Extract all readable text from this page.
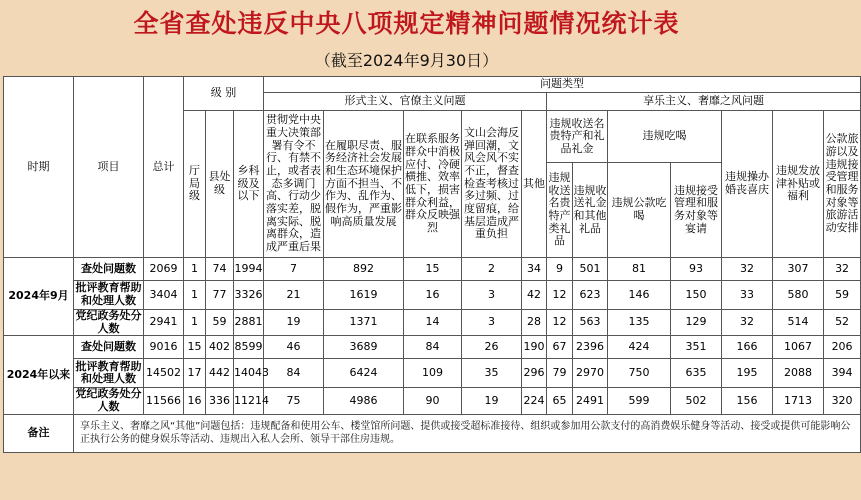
全省查处违反中央八项规定精神问题情况统计表
（截至2024年9月30日）
时期	项目	总计	级 别			问题类型												
						形式主义、官僚主义问题					享乐主义、奢靡之风问题							
			厅局级	县处级	乡科级及以下	贯彻党中央重大决策部署有令不行、有禁不止，或者表态多调门高、行动少落实差，脱离实际、脱离群众，造成严重后果	在履职尽责、服务经济社会发展和生态环境保护方面不担当、不作为、乱作为、假作为，严重影响高质量发展	在联系服务群众中消极应付、冷硬横推、效率低下，损害群众利益，群众反映强烈	文山会海反弹回潮，文风会风不实不正，督查检查考核过多过频、过度留痕，给基层造成严重负担	其他	违规收送名贵特产和礼品礼金		违规吃喝		违规操办婚丧喜庆	违规发放津补贴或福利	公款旅游以及违规接受管理和服务对象等旅游活动安排	
											违规收送名贵特产类礼品	违规收送礼金和其他礼品	违规公款吃喝	违规接受管理和服务对象等宴请				
2024年9月	查处问题数	2069	1	74	1994	7	892	15	2	34	9	501	81	93	32	307	32	
	批评教育帮助和处理人数	3404	1	77	3326	21	1619	16	3	42	12	623	146	150	33	580	59	
	党纪政务处分人数	2941	1	59	2881	19	1371	14	3	28	12	563	135	129	32	514	52	
2024年以来	查处问题数	9016	15	402	8599	46	3689	84	26	190	67	2396	424	351	166	1067	206	
	批评教育帮助和处理人数	14502	17	442	14043	84	6424	109	35	296	79	2970	750	635	195	2088	394	
	党纪政务处分人数	11566	16	336	11214	75	4986	90	19	224	65	2491	599	502	156	1713	320	
备注	享乐主义、奢靡之风“其他”问题包括：违规配备和使用公车、楼堂馆所问题、提供或接受超标准接待、组织或参加用公款支付的高消费娱乐健身等活动、接受或提供可能影响公正执行公务的健身娱乐等活动、违规出入私人会所、领导干部住房违规。																	
